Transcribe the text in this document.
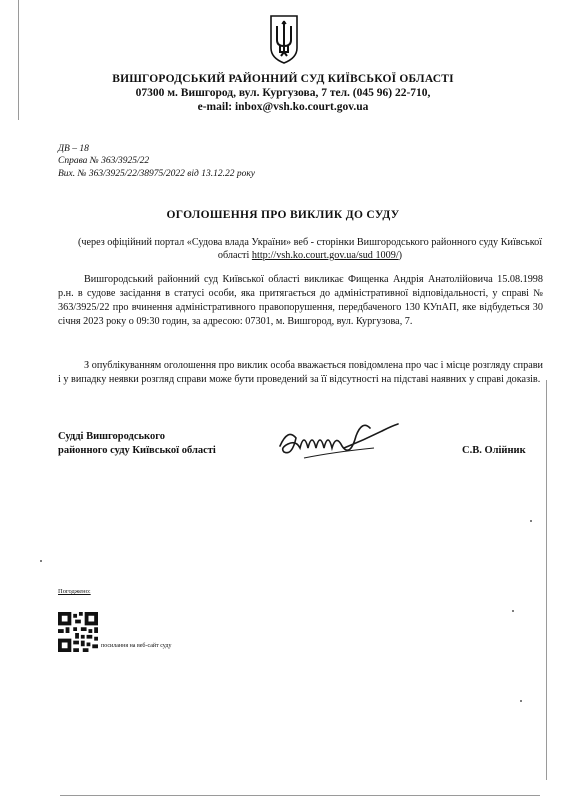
ВИШГОРОДСЬКИЙ РАЙОННИЙ СУД КИЇВСЬКОЇ ОБЛАСТІ
07300 м. Вишгород, вул. Кургузова, 7 тел. (045 96) 22-710,
e-mail: inbox@vsh.ko.court.gov.ua
ДВ – 18
Справа № 363/3925/22
Вих. № 363/3925/22/38975/2022 від 13.12.22 року
ОГОЛОШЕННЯ ПРО ВИКЛИК ДО СУДУ
(через офіційний портал «Судова влада України» веб - сторінки Вишгородського районного суду Київської області http://vsh.ko.court.gov.ua/sud 1009/)
Вишгородський районний суд Київської області викликає Фищенка Андрія Анатолійовича 15.08.1998 р.н. в судове засідання в статусі особи, яка притягається до адміністративної відповідальності, у справі № 363/3925/22 про вчинення адміністративного правопорушення, передбаченого 130 КУпАП, яке відбудеться 30 січня 2023 року о 09:30 годин, за адресою: 07301, м. Вишгород, вул. Кургузова, 7.
З опублікуванням оголошення про виклик особа вважається повідомлена про час і місце розгляду справи і у випадку неявки розгляд справи може бути проведений за її відсутності на підставі наявних у справі доказів.
Судді Вишгородського
районного суду Київської області	С.В. Олійник
Погоджено:
посилання на веб-сайт суду
